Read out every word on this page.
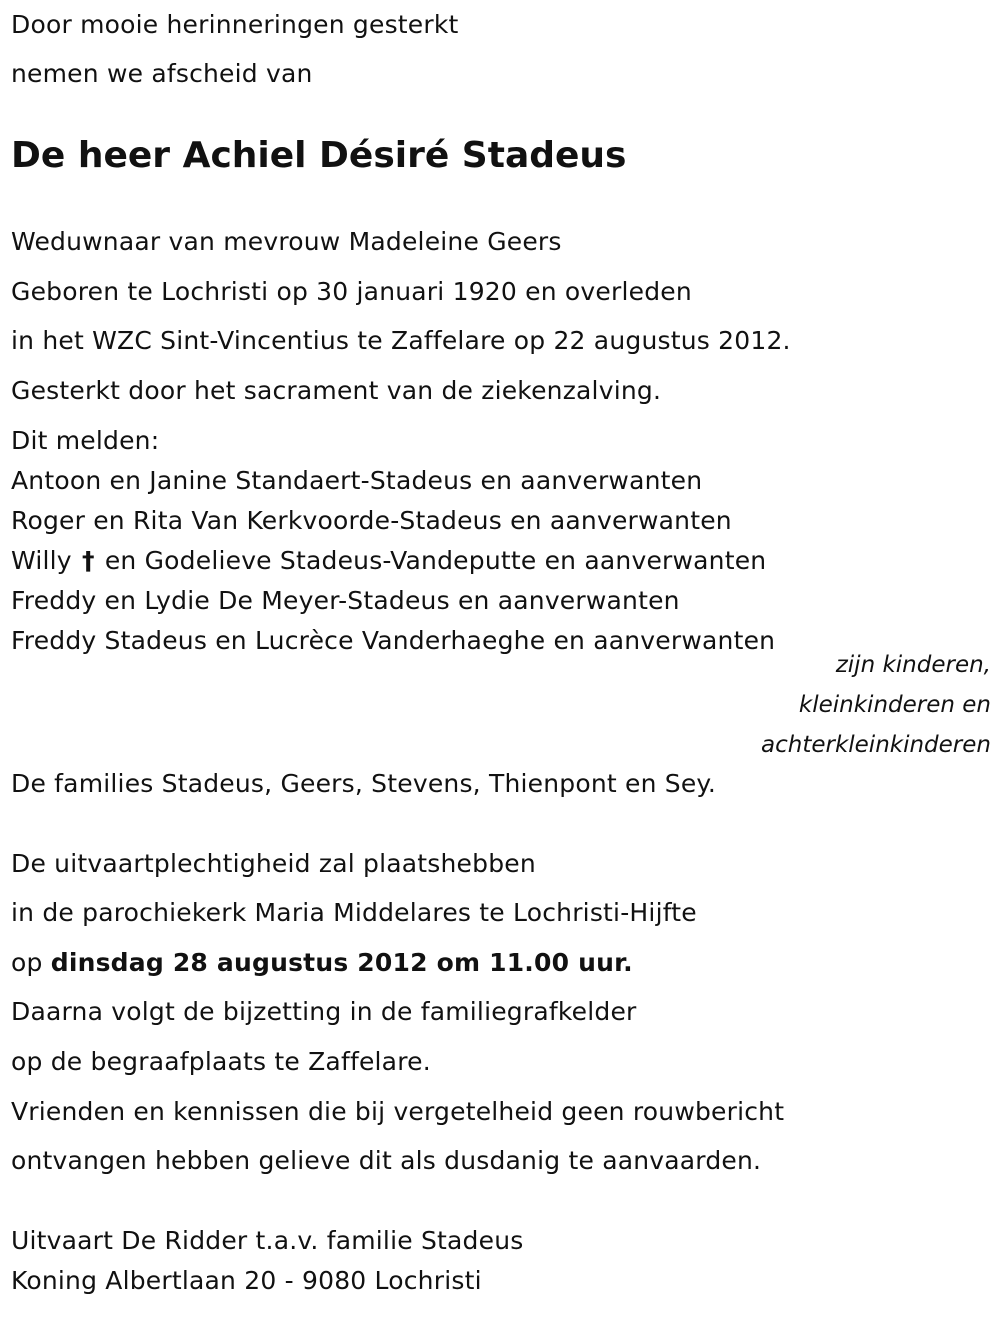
Door mooie herinneringen gesterkt
nemen we afscheid van
De heer Achiel Désiré Stadeus
Weduwnaar van mevrouw Madeleine Geers
Geboren te Lochristi op 30 januari 1920 en overleden
in het WZC Sint-Vincentius te Zaffelare op 22 augustus 2012.
Gesterkt door het sacrament van de ziekenzalving.
Dit melden:
Antoon en Janine Standaert-Stadeus en aanverwanten
Roger en Rita Van Kerkvoorde-Stadeus en aanverwanten
Willy † en Godelieve Stadeus-Vandeputte en aanverwanten
Freddy en Lydie De Meyer-Stadeus en aanverwanten
Freddy Stadeus en Lucrèce Vanderhaeghe en aanverwanten
zijn kinderen,
kleinkinderen en
achterkleinkinderen
De families Stadeus, Geers, Stevens, Thienpont en Sey.
De uitvaartplechtigheid zal plaatshebben
in de parochiekerk Maria Middelares te Lochristi-Hijfte
op dinsdag 28 augustus 2012 om 11.00 uur.
Daarna volgt de bijzetting in de familiegrafkelder
op de begraafplaats te Zaffelare.
Vrienden en kennissen die bij vergetelheid geen rouwbericht
ontvangen hebben gelieve dit als dusdanig te aanvaarden.
Uitvaart De Ridder t.a.v. familie Stadeus
Koning Albertlaan 20 - 9080 Lochristi
